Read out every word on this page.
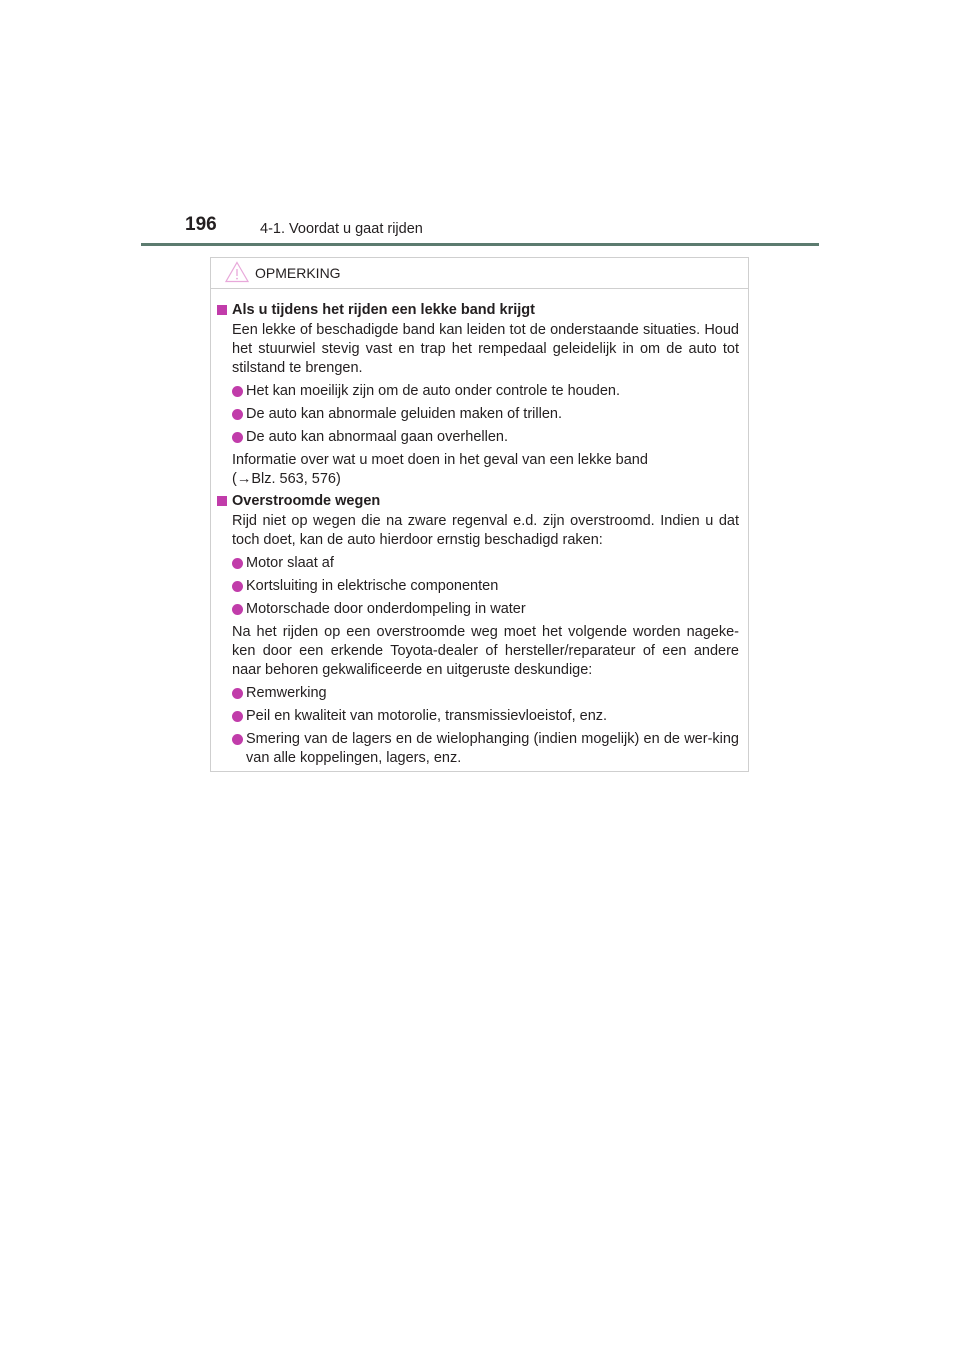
196	4-1. Voordat u gaat rijden
OPMERKING
Als u tijdens het rijden een lekke band krijgt
Een lekke of beschadigde band kan leiden tot de onderstaande situaties. Houd het stuurwiel stevig vast en trap het rempedaal geleidelijk in om de auto tot stilstand te brengen.
Het kan moeilijk zijn om de auto onder controle te houden.
De auto kan abnormale geluiden maken of trillen.
De auto kan abnormaal gaan overhellen.
Informatie over wat u moet doen in het geval van een lekke band
(→Blz. 563, 576)
Overstroomde wegen
Rijd niet op wegen die na zware regenval e.d. zijn overstroomd. Indien u dat toch doet, kan de auto hierdoor ernstig beschadigd raken:
Motor slaat af
Kortsluiting in elektrische componenten
Motorschade door onderdompeling in water
Na het rijden op een overstroomde weg moet het volgende worden nageke-ken door een erkende Toyota-dealer of hersteller/reparateur of een andere naar behoren gekwalificeerde en uitgeruste deskundige:
Remwerking
Peil en kwaliteit van motorolie, transmissievloeistof, enz.
Smering van de lagers en de wielophanging (indien mogelijk) en de wer-king van alle koppelingen, lagers, enz.
